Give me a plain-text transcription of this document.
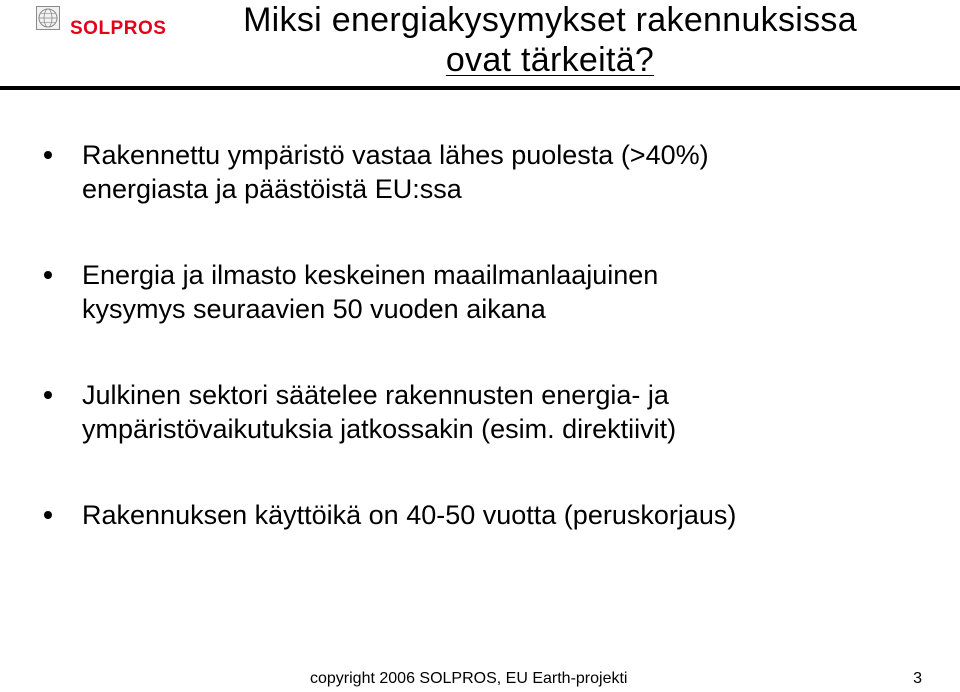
SOLPROS	Miksi energiakysymykset rakennuksissa
ovat tärkeitä?
Rakennettu ympäristö vastaa lähes puolesta (>40%)
energiasta ja päästöistä EU:ssa
Energia ja ilmasto keskeinen maailmanlaajuinen
kysymys seuraavien 50 vuoden aikana
Julkinen sektori säätelee rakennusten energia- ja
ympäristövaikutuksia jatkossakin (esim. direktiivit)
Rakennuksen käyttöikä on 40-50 vuotta (peruskorjaus)
copyright 2006 SOLPROS, EU Earth-projekti	3
